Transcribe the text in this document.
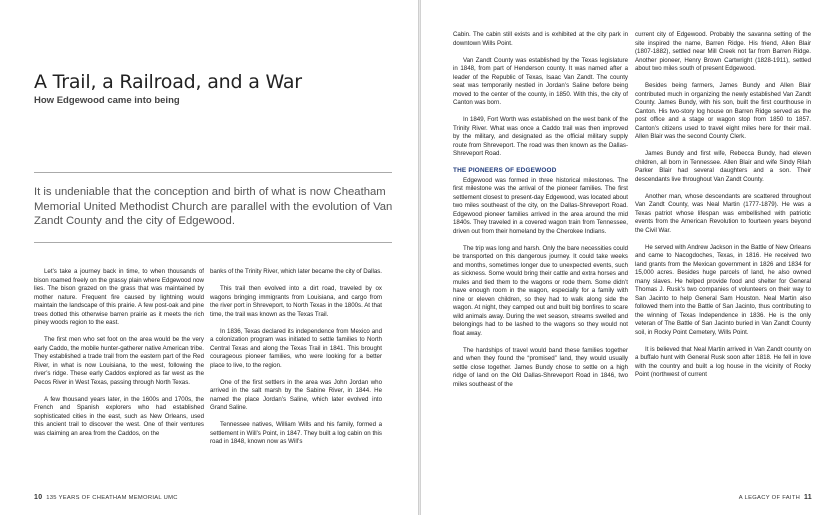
A Trail, a Railroad, and a War
How Edgewood came into being

It is undeniable that the conception and birth of what is now Cheatham Memorial United Methodist Church are parallel with the evolution of Van Zandt County and the city of Edgewood.

Let’s take a journey back in time, to when thousands of bison roamed freely on the grassy plain where Edgewood now lies. The bison grazed on the grass that was maintained by mother nature. Frequent fire caused by lightning would maintain the landscape of this prairie. A few post-oak and pine trees dotted this otherwise barren prairie as it meets the rich piney woods region to the east.

The first men who set foot on the area would be the very early Caddo, the mobile hunter-gatherer native American tribe. They established a trade trail from the eastern part of the Red River, in what is now Louisiana, to the west, following the river’s ridge. These early Caddos explored as far west as the Pecos River in West Texas, passing through North Texas.

A few thousand years later, in the 1600s and 1700s, the French and Spanish explorers who had established sophisticated cities in the east, such as New Orleans, used this ancient trail to discover the west. One of their ventures was claiming an area from the Caddos, on the

banks of the Trinity River, which later became the city of Dallas.

This trail then evolved into a dirt road, traveled by ox wagons bringing immigrants from Louisiana, and cargo from the river port in Shreveport, to North Texas in the 1800s. At that time, the trail was known as the Texas Trail.

In 1836, Texas declared its independence from Mexico and a colonization program was initiated to settle families to North Central Texas and along the Texas Trail in 1841. This brought courageous pioneer families, who were looking for a better place to live, to the region.

One of the first settlers in the area was John Jordan who arrived in the salt marsh by the Sabine River, in 1844. He named the place Jordan’s Saline, which later evolved into Grand Saline.

Tennessee natives, William Wills and his family, formed a settlement in Will’s Point, in 1847. They built a log cabin on this road in 1848, known now as Will’s

10 135 YEARS OF CHEATHAM MEMORIAL UMC

Cabin. The cabin still exists and is exhibited at the city park in downtown Wills Point.

Van Zandt County was established by the Texas legislature in 1848, from part of Henderson county. It was named after a leader of the Republic of Texas, Isaac Van Zandt. The county seat was temporarily nestled in Jordan’s Saline before being moved to the center of the county, in 1850. With this, the city of Canton was born.

In 1849, Fort Worth was established on the west bank of the Trinity River. What was once a Caddo trail was then improved by the military, and designated as the official military supply route from Shreveport. The road was then known as the Dallas-Shreveport Road.

THE PIONEERS OF EDGEWOOD

Edgewood was formed in three historical milestones. The first milestone was the arrival of the pioneer families. The first settlement closest to present-day Edgewood, was located about two miles southeast of the city, on the Dallas-Shreveport Road. Edgewood pioneer families arrived in the area around the mid 1840s. They traveled in a covered wagon train from Tennessee, driven out from their homeland by the Cherokee Indians.

The trip was long and harsh. Only the bare necessities could be transported on this dangerous journey. It could take weeks and months, sometimes longer due to unexpected events, such as sickness. Some would bring their cattle and extra horses and mules and tied them to the wagons or rode them. Some didn’t have enough room in the wagon, especially for a family with nine or eleven children, so they had to walk along side the wagon. At night, they camped out and built big bonfires to scare wild animals away. During the wet season, streams swelled and belongings had to be lashed to the wagons so they would not float away.

The hardships of travel would band these families together and when they found the “promised” land, they would usually settle close together. James Bundy chose to settle on a high ridge of land on the Old Dallas-Shreveport Road in 1846, two miles southeast of the

current city of Edgewood. Probably the savanna setting of the site inspired the name, Barren Ridge. His friend, Allen Blair (1807-1882), settled near Mill Creek not far from Barren Ridge. Another pioneer, Henry Brown Cartwright (1828-1911), settled about two miles south of present Edgewood.

Besides being farmers, James Bundy and Allen Blair contributed much in organizing the newly established Van Zandt County. James Bundy, with his son, built the first courthouse in Canton. His two-story log house on Barren Ridge served as the post office and a stage or wagon stop from 1850 to 1857. Canton’s citizens used to travel eight miles here for their mail. Allen Blair was the second County Clerk.

James Bundy and first wife, Rebecca Bundy, had eleven children, all born in Tennessee. Allen Blair and wife Sindy Rilah Parker Blair had several daughters and a son. Their descendants live throughout Van Zandt County.

Another man, whose descendants are scattered throughout Van Zandt County, was Neal Martin (1777-1879). He was a Texas patriot whose lifespan was embellished with patriotic events from the American Revolution to fourteen years beyond the Civil War.

He served with Andrew Jackson in the Battle of New Orleans and came to Nacogdoches, Texas, in 1816. He received two land grants from the Mexican government in 1826 and 1834 for 15,000 acres. Besides huge parcels of land, he also owned many slaves. He helped provide food and shelter for General Thomas J. Rusk’s two companies of volunteers on their way to San Jacinto to help General Sam Houston. Neal Martin also followed them into the Battle of San Jacinto, thus contributing to the winning of Texas Independence in 1836. He is the only veteran of The Battle of San Jacinto buried in Van Zandt County soil, in Rocky Point Cemetery, Wills Point.

It is believed that Neal Martin arrived in Van Zandt county on a buffalo hunt with General Rusk soon after 1818. He fell in love with the country and built a log house in the vicinity of Rocky Point (northwest of current

A LEGACY OF FAITH 11
